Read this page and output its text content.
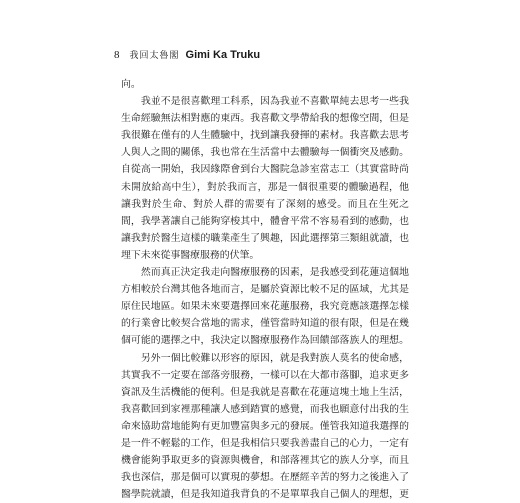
8 我回太魯閣 Gimi Ka Truku
向。
　　我並不是很喜歡理工科系，因為我並不喜歡單純去思考一些我
生命經驗無法相對應的東西。我喜歡文學帶給我的想像空間，但是
我很難在僅有的人生體驗中，找到讓我發揮的素材。我喜歡去思考
人與人之間的關係，我也常在生活當中去體驗每一個衝突及感動。
自從高一開始，我因緣際會到台大醫院急診室當志工（其實當時尚
未開放給高中生），對於我而言，那是一個很重要的體驗過程，他
讓我對於生命、對於人群的需要有了深刻的感受。而且在生死之
間，我學著讓自己能夠穿梭其中，體會平常不容易看到的感動，也
讓我對於醫生這樣的職業產生了興趣，因此選擇第三類組就讀，也
埋下未來從事醫療服務的伏筆。
　　然而真正決定我走向醫療服務的因素，是我感受到花蓮這個地
方相較於台灣其他各地而言，是屬於資源比較不足的區域，尤其是
原住民地區。如果未來要選擇回來花蓮服務，我究竟應該選擇怎樣
的行業會比較契合當地的需求，僅管當時知道的很有限，但是在幾
個可能的選擇之中，我決定以醫療服務作為回饋部落族人的理想。
　　另外一個比較難以形容的原因，就是我對族人莫名的使命感，
其實我不一定要在部落旁服務，一樣可以在大都市落腳，追求更多
資訊及生活機能的便利。但是我就是喜歡在花蓮這塊土地上生活，
我喜歡回到家裡那種讓人感到踏實的感覺，而我也願意付出我的生
命來協助當地能夠有更加豐富與多元的發展。僅管我知道我選擇的
是一件不輕鬆的工作，但是我相信只要我善盡自己的心力，一定有
機會能夠爭取更多的資源與機會，和部落裡其它的族人分享，而且
我也深信，那是個可以實現的夢想。在歷經辛苦的努力之後進入了
醫學院就讀，但是我知道我背負的不是單單我自己個人的理想，更
